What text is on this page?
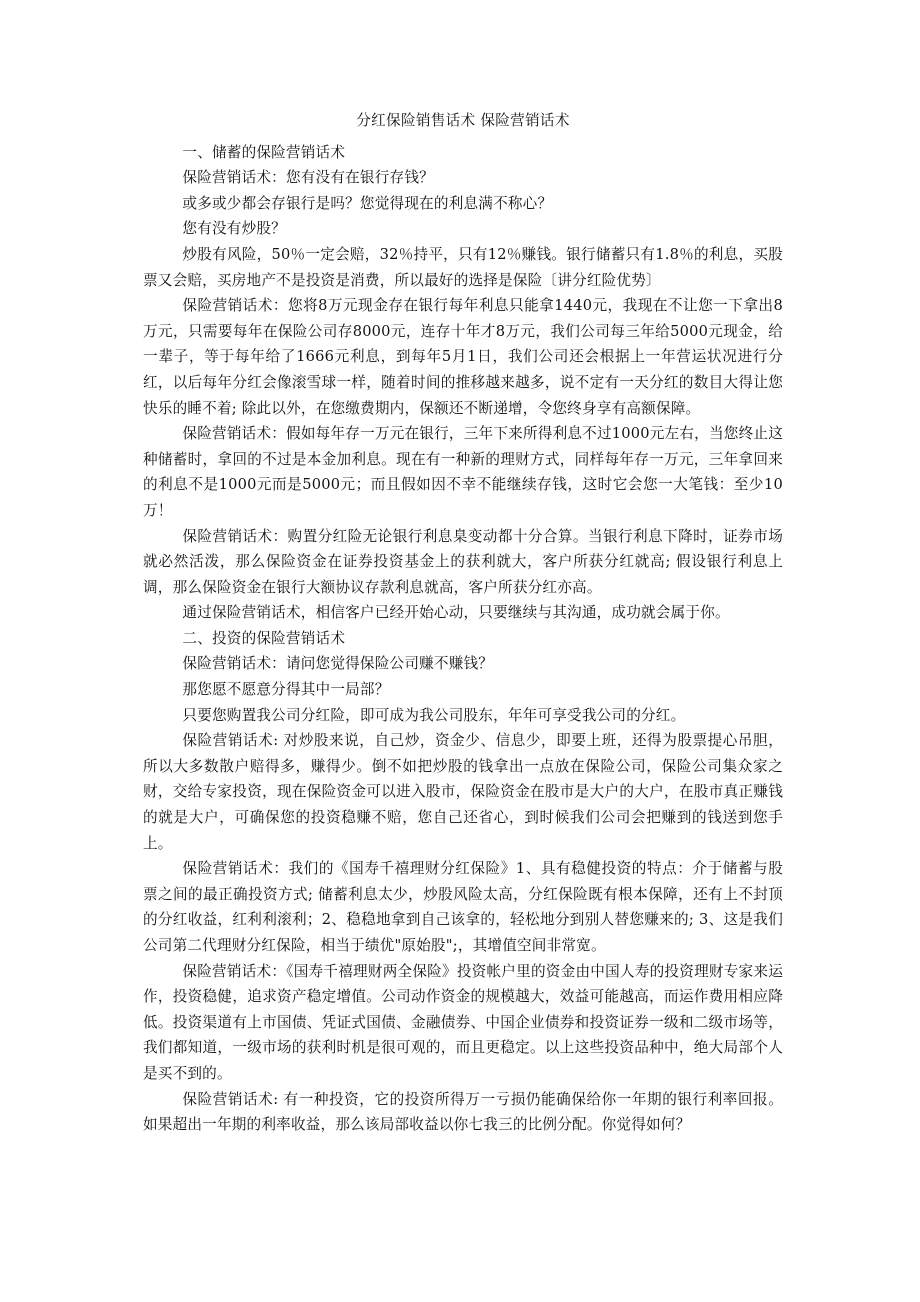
分红保险销售话术 保险营销话术

一、储蓄的保险营销话术

保险营销话术：您有没有在银行存钱？

或多或少都会存银行是吗？您觉得现在的利息满不称心？

您有没有炒股？

炒股有风险，50％一定会赔，32％持平，只有12％赚钱。银行储蓄只有1.8％的利息，买股票又会赔，买房地产不是投资是消费，所以最好的选择是保险〔讲分红险优势〕

保险营销话术：您将8万元现金存在银行每年利息只能拿1440元，我现在不让您一下拿出8万元，只需要每年在保险公司存8000元，连存十年才8万元，我们公司每三年给5000元现金，给一辈子，等于每年给了1666元利息，到每年5月1日，我们公司还会根据上一年营运状况进行分红，以后每年分红会像滚雪球一样，随着时间的推移越来越多，说不定有一天分红的数目大得让您快乐的睡不着; 除此以外，在您缴费期内，保额还不断递增，令您终身享有高额保障。

保险营销话术：假如每年存一万元在银行，三年下来所得利息不过1000元左右，当您终止这种储蓄时，拿回的不过是本金加利息。现在有一种新的理财方式，同样每年存一万元，三年拿回来的利息不是1000元而是5000元；而且假如因不幸不能继续存钱，这时它会您一大笔钱：至少10万！

保险营销话术：购置分红险无论银行利息臬变动都十分合算。当银行利息下降时，证券市场就必然活泼，那么保险资金在证券投资基金上的获利就大，客户所获分红就高; 假设银行利息上调，那么保险资金在银行大额协议存款利息就高，客户所获分红亦高。

通过保险营销话术，相信客户已经开始心动，只要继续与其沟通，成功就会属于你。

二、投资的保险营销话术

保险营销话术：请问您觉得保险公司赚不赚钱？

那您愿不愿意分得其中一局部？

只要您购置我公司分红险，即可成为我公司股东，年年可享受我公司的分红。

保险营销话术: 对炒股来说，自己炒，资金少、信息少，即要上班，还得为股票提心吊胆，所以大多数散户赔得多，赚得少。倒不如把炒股的钱拿出一点放在保险公司，保险公司集众家之财，交给专家投资，现在保险资金可以进入股市，保险资金在股市是大户的大户，在股市真正赚钱的就是大户，可确保您的投资稳赚不赔，您自己还省心，到时候我们公司会把赚到的钱送到您手上。

保险营销话术：我们的《国寿千禧理财分红保险》1、具有稳健投资的特点：介于储蓄与股票之间的最正确投资方式; 储蓄利息太少，炒股风险太高，分红保险既有根本保障，还有上不封顶的分红收益，红利利滚利；2、稳稳地拿到自己该拿的，轻松地分到别人替您赚来的; 3、这是我们公司第二代理财分红保险，相当于绩优"原始股";，其增值空间非常宽。

保险营销话术：《国寿千禧理财两全保险》投资帐户里的资金由中国人寿的投资理财专家来运作，投资稳健，追求资产稳定增值。公司动作资金的规模越大，效益可能越高，而运作费用相应降低。投资渠道有上市国债、凭证式国债、金融债券、中国企业债券和投资证券一级和二级市场等，我们都知道，一级市场的获利时机是很可观的，而且更稳定。以上这些投资品种中，绝大局部个人是买不到的。

保险营销话术: 有一种投资，它的投资所得万一亏损仍能确保给你一年期的银行利率回报。如果超出一年期的利率收益，那么该局部收益以你七我三的比例分配。你觉得如何？
